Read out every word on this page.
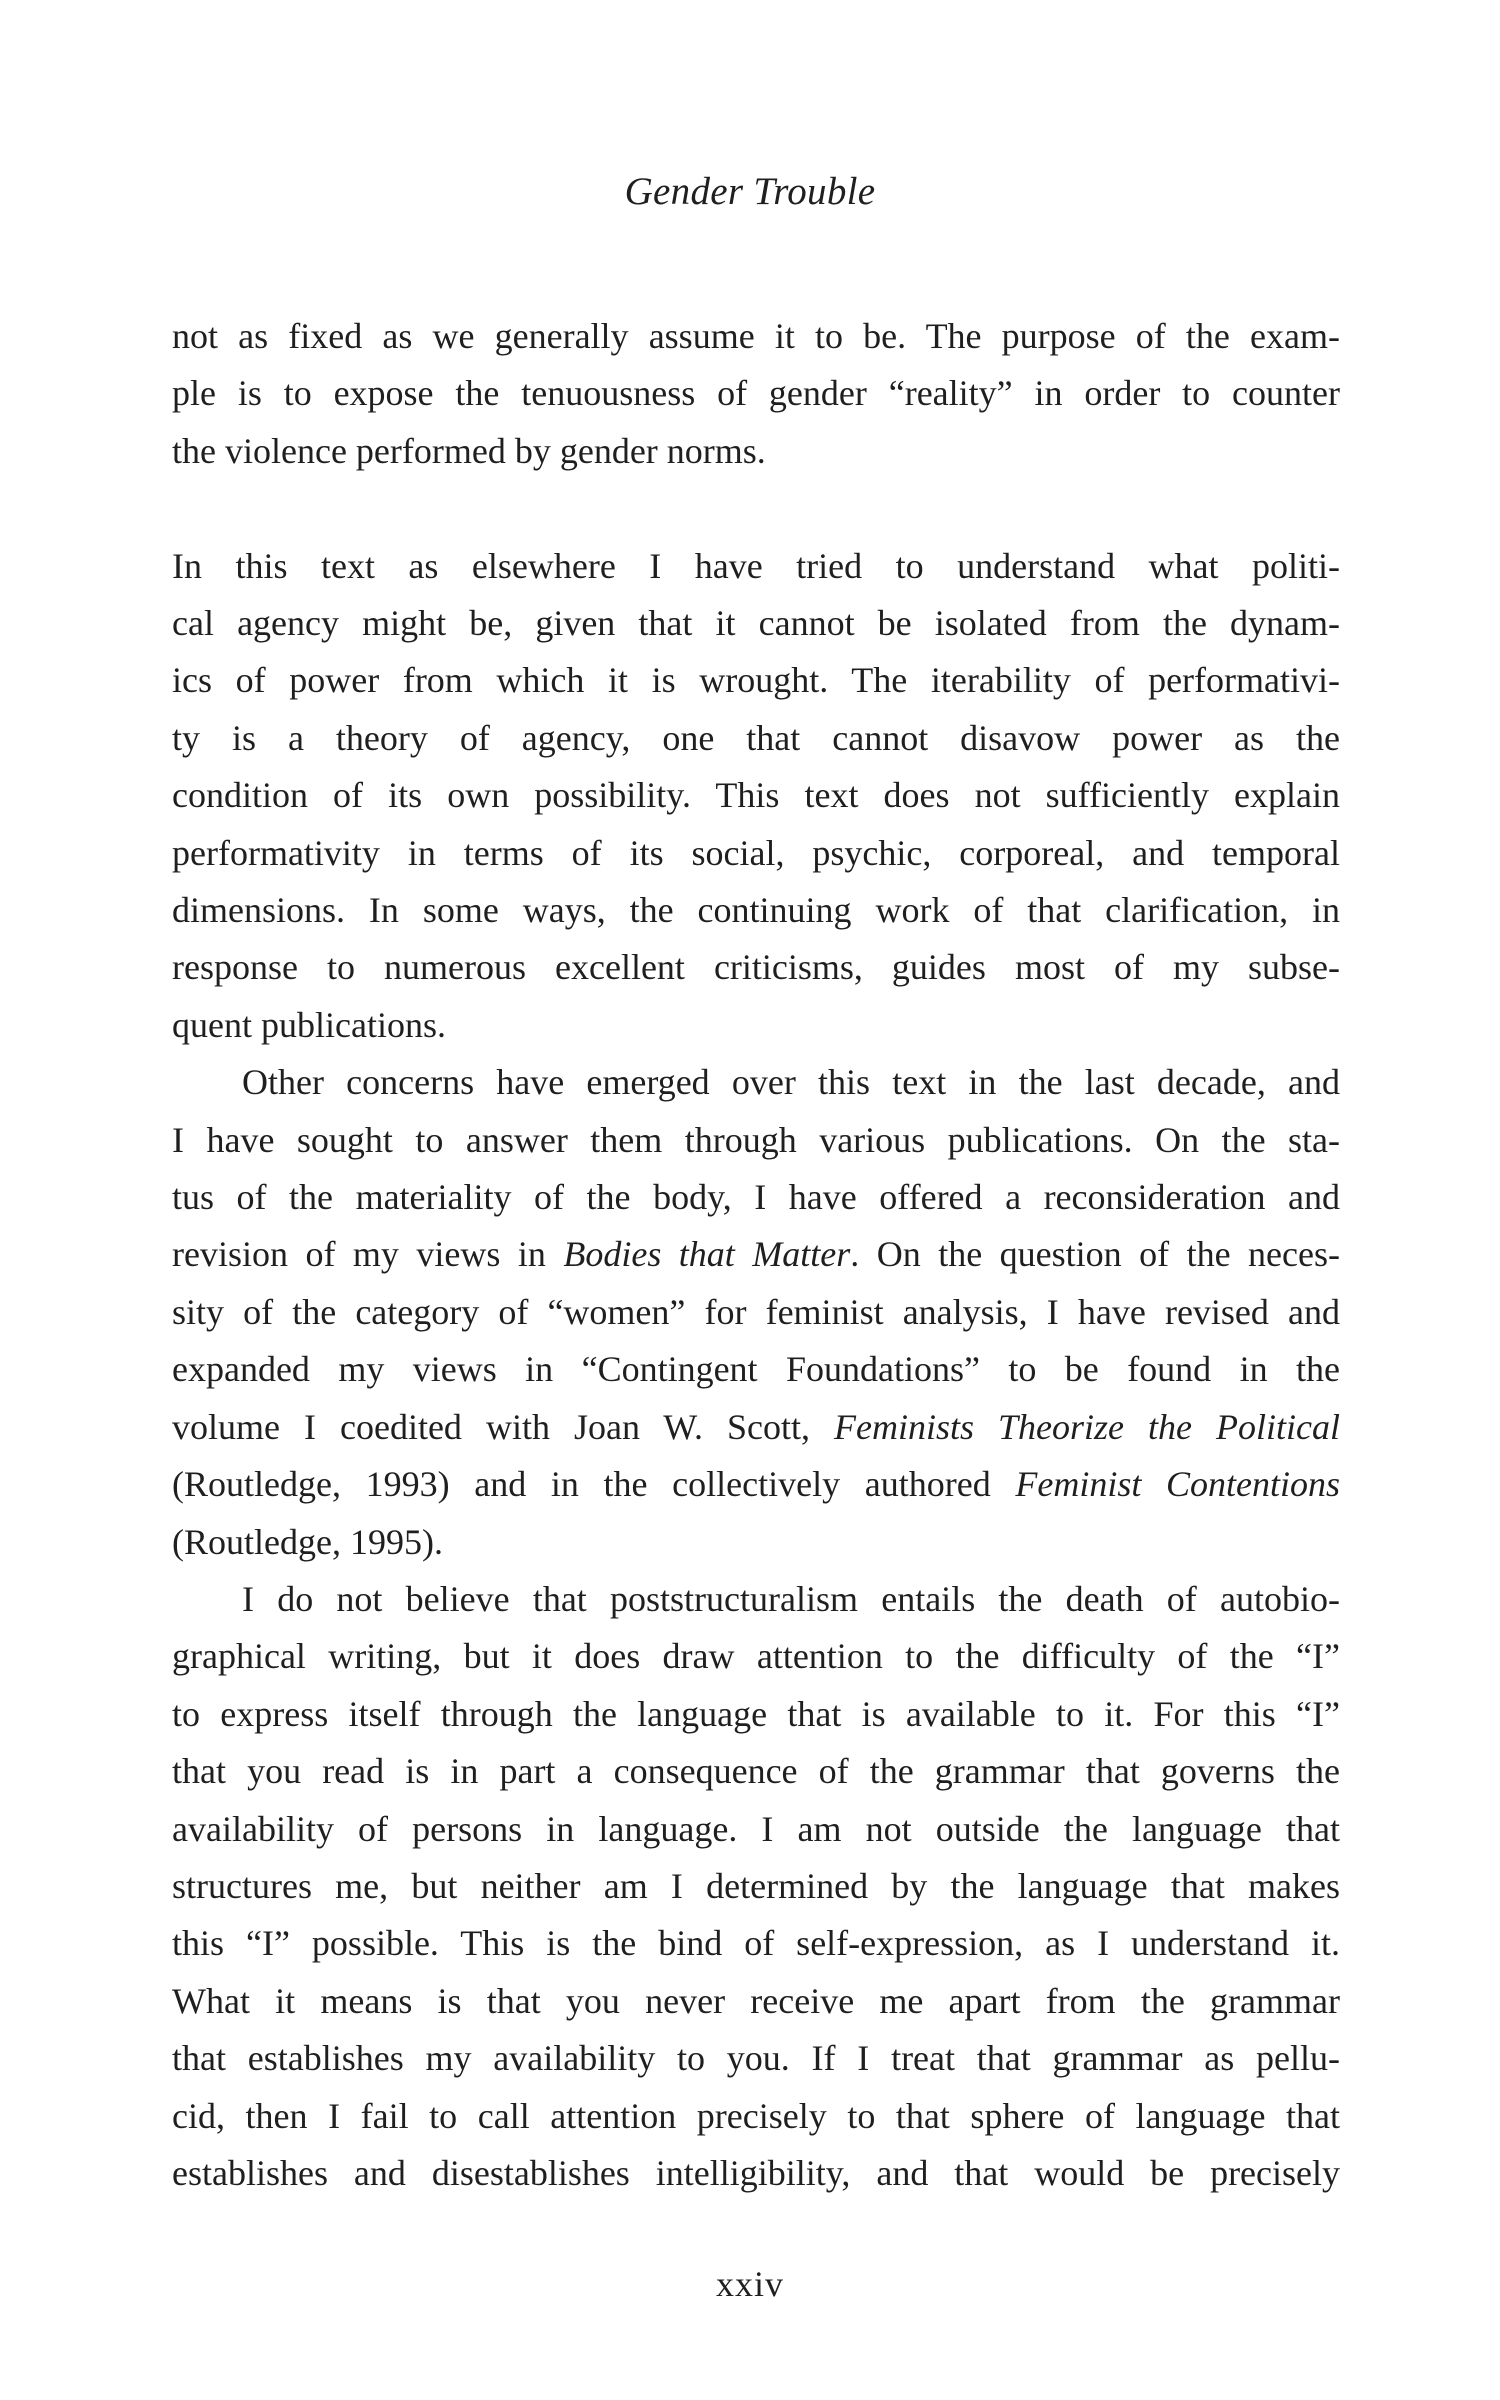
Gender Trouble

not as fixed as we generally assume it to be. The purpose of the exam-
ple is to expose the tenuousness of gender “reality” in order to counter
the violence performed by gender norms.

In this text as elsewhere I have tried to understand what politi-
cal agency might be, given that it cannot be isolated from the dynam-
ics of power from which it is wrought. The iterability of performativi-
ty is a theory of agency, one that cannot disavow power as the
condition of its own possibility. This text does not sufficiently explain
performativity in terms of its social, psychic, corporeal, and temporal
dimensions. In some ways, the continuing work of that clarification, in
response to numerous excellent criticisms, guides most of my subse-
quent publications.

Other concerns have emerged over this text in the last decade, and
I have sought to answer them through various publications. On the sta-
tus of the materiality of the body, I have offered a reconsideration and
revision of my views in Bodies that Matter. On the question of the neces-
sity of the category of “women” for feminist analysis, I have revised and
expanded my views in “Contingent Foundations” to be found in the
volume I coedited with Joan W. Scott, Feminists Theorize the Political
(Routledge, 1993) and in the collectively authored Feminist Contentions
(Routledge, 1995).

I do not believe that poststructuralism entails the death of autobio-
graphical writing, but it does draw attention to the difficulty of the “I”
to express itself through the language that is available to it. For this “I”
that you read is in part a consequence of the grammar that governs the
availability of persons in language. I am not outside the language that
structures me, but neither am I determined by the language that makes
this “I” possible. This is the bind of self-expression, as I understand it.
What it means is that you never receive me apart from the grammar
that establishes my availability to you. If I treat that grammar as pellu-
cid, then I fail to call attention precisely to that sphere of language that
establishes and disestablishes intelligibility, and that would be precisely

xxiv
